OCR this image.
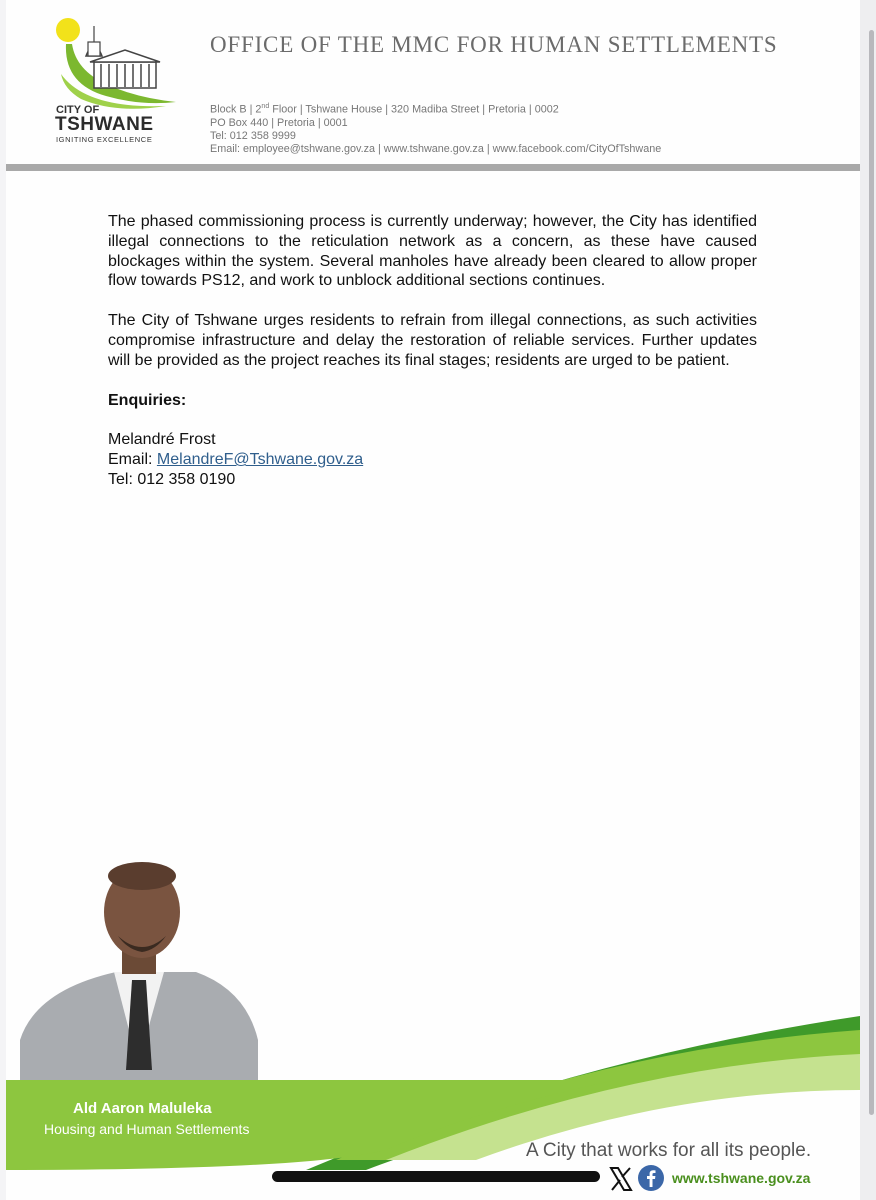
CITY OF
TSHWANE
IGNITING EXCELLENCE
OFFICE OF THE MMC FOR HUMAN SETTLEMENTS
Block B | 2nd Floor | Tshwane House | 320 Madiba Street | Pretoria | 0002
PO Box 440 | Pretoria | 0001
Tel: 012 358 9999
Email: employee@tshwane.gov.za | www.tshwane.gov.za | www.facebook.com/CityOfTshwane

The phased commissioning process is currently underway; however, the City has identified illegal connections to the reticulation network as a concern, as these have caused blockages within the system. Several manholes have already been cleared to allow proper flow towards PS12, and work to unblock additional sections continues.

The City of Tshwane urges residents to refrain from illegal connections, as such activities compromise infrastructure and delay the restoration of reliable services. Further updates will be provided as the project reaches its final stages; residents are urged to be patient.

Enquiries:
Melandré Frost
Email: MelandreF@Tshwane.gov.za
Tel: 012 358 0190
Ald Aaron Maluleka
Housing and Human Settlements
A City that works for all its people.
www.tshwane.gov.za
